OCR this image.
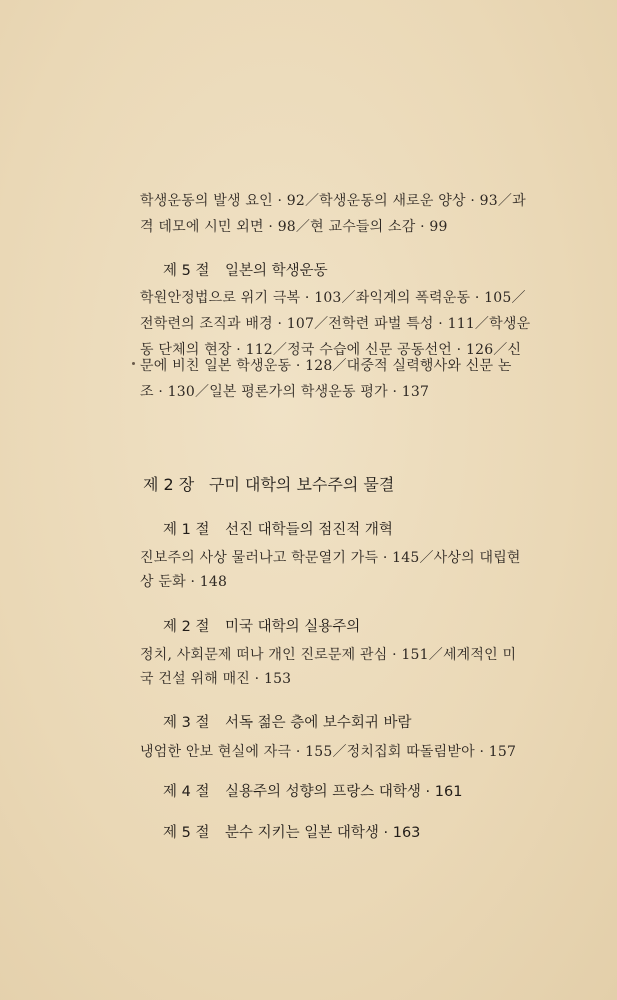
학생운동의 발생 요인 · 92／학생운동의 새로운 양상 · 93／과
격 데모에 시민 외면 · 98／현 교수들의 소감 · 99
제 5 절 일본의 학생운동
학원안정법으로 위기 극복 · 103／좌익계의 폭력운동 · 105／
전학련의 조직과 배경 · 107／전학련 파벌 특성 · 111／학생운
동 단체의 현장 · 112／정국 수습에 신문 공동선언 · 126／신
문에 비친 일본 학생운동 · 128／대중적 실력행사와 신문 논
조 · 130／일본 평론가의 학생운동 평가 · 137
제 2 장 구미 대학의 보수주의 물결
제 1 절 선진 대학들의 점진적 개혁
진보주의 사상 물러나고 학문열기 가득 · 145／사상의 대립현
상 둔화 · 148
제 2 절 미국 대학의 실용주의
정치, 사회문제 떠나 개인 진로문제 관심 · 151／세계적인 미
국 건설 위해 매진 · 153
제 3 절 서독 젊은 층에 보수회귀 바람
냉엄한 안보 현실에 자극 · 155／정치집회 따돌림받아 · 157
제 4 절 실용주의 성향의 프랑스 대학생 · 161
제 5 절 분수 지키는 일본 대학생 · 163
